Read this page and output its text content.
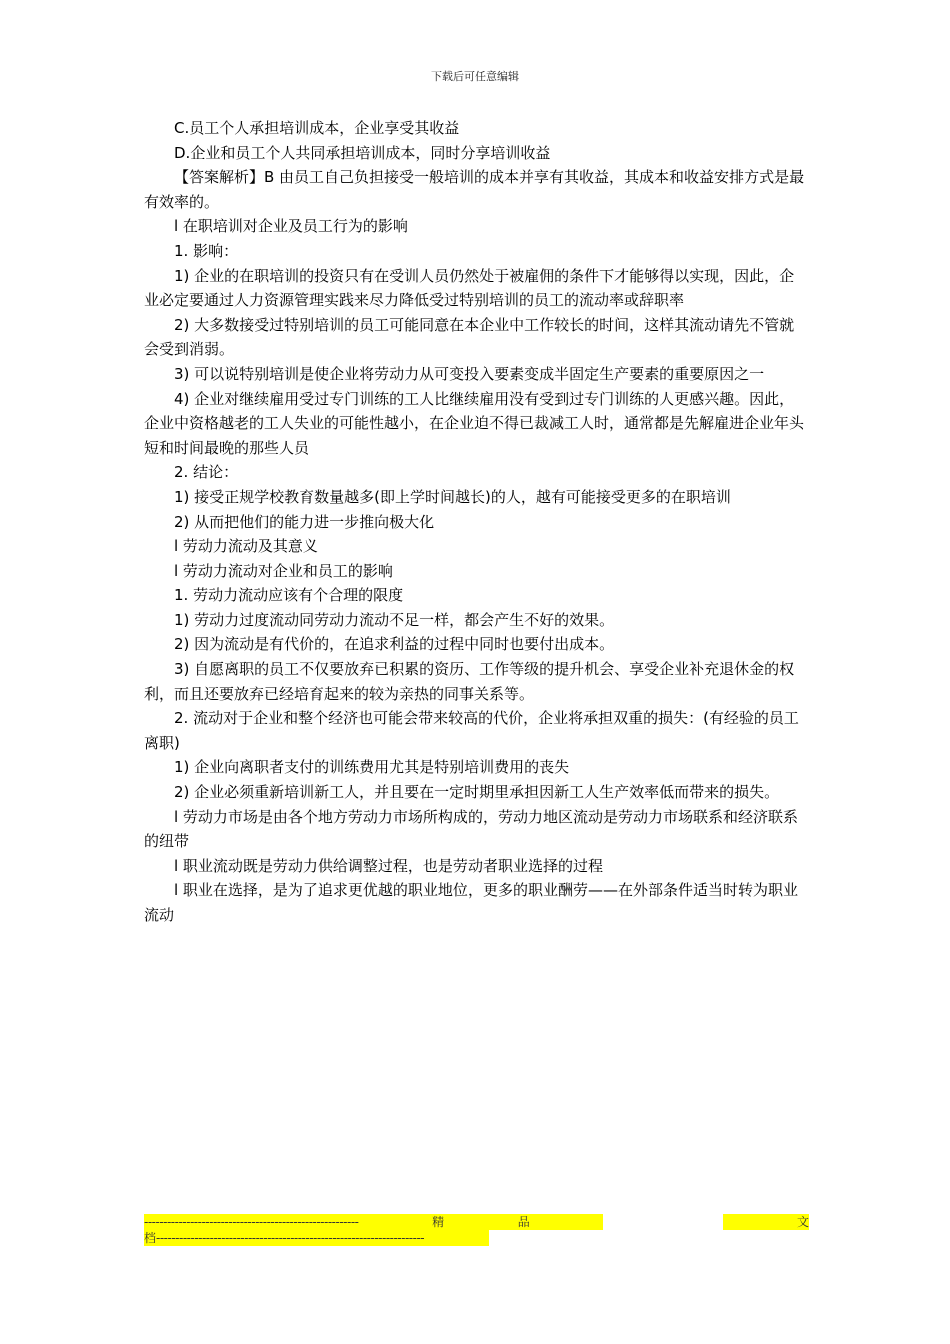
下载后可任意编辑

C.员工个人承担培训成本，企业享受其收益

D.企业和员工个人共同承担培训成本，同时分享培训收益

【答案解析】B 由员工自己负担接受一般培训的成本并享有其收益，其成本和收益安排方式是最有效率的。

l 在职培训对企业及员工行为的影响

1. 影响：

1) 企业的在职培训的投资只有在受训人员仍然处于被雇佣的条件下才能够得以实现，因此，企业必定要通过人力资源管理实践来尽力降低受过特别培训的员工的流动率或辞职率

2) 大多数接受过特别培训的员工可能同意在本企业中工作较长的时间，这样其流动请先不管就会受到消弱。

3) 可以说特别培训是使企业将劳动力从可变投入要素变成半固定生产要素的重要原因之一

4) 企业对继续雇用受过专门训练的工人比继续雇用没有受到过专门训练的人更感兴趣。因此，企业中资格越老的工人失业的可能性越小，在企业迫不得已裁减工人时，通常都是先解雇进企业年头短和时间最晚的那些人员

2. 结论：

1) 接受正规学校教育数量越多(即上学时间越长)的人，越有可能接受更多的在职培训

2) 从而把他们的能力进一步推向极大化

l 劳动力流动及其意义

l 劳动力流动对企业和员工的影响

1. 劳动力流动应该有个合理的限度

1) 劳动力过度流动同劳动力流动不足一样，都会产生不好的效果。

2) 因为流动是有代价的，在追求利益的过程中同时也要付出成本。

3) 自愿离职的员工不仅要放弃已积累的资历、工作等级的提升机会、享受企业补充退休金的权利，而且还要放弃已经培育起来的较为亲热的同事关系等。

2. 流动对于企业和整个经济也可能会带来较高的代价，企业将承担双重的损失：(有经验的员工离职)

1) 企业向离职者支付的训练费用尤其是特别培训费用的丧失

2) 企业必须重新培训新工人，并且要在一定时期里承担因新工人生产效率低而带来的损失。

l 劳动力市场是由各个地方劳动力市场所构成的，劳动力地区流动是劳动力市场联系和经济联系的纽带

l 职业流动既是劳动力供给调整过程，也是劳动者职业选择的过程

l 职业在选择，是为了追求更优越的职业地位，更多的职业酬劳——在外部条件适当时转为职业流动

--------------------------------------------------------	精	品	文
档----------------------------------------------------------------------
